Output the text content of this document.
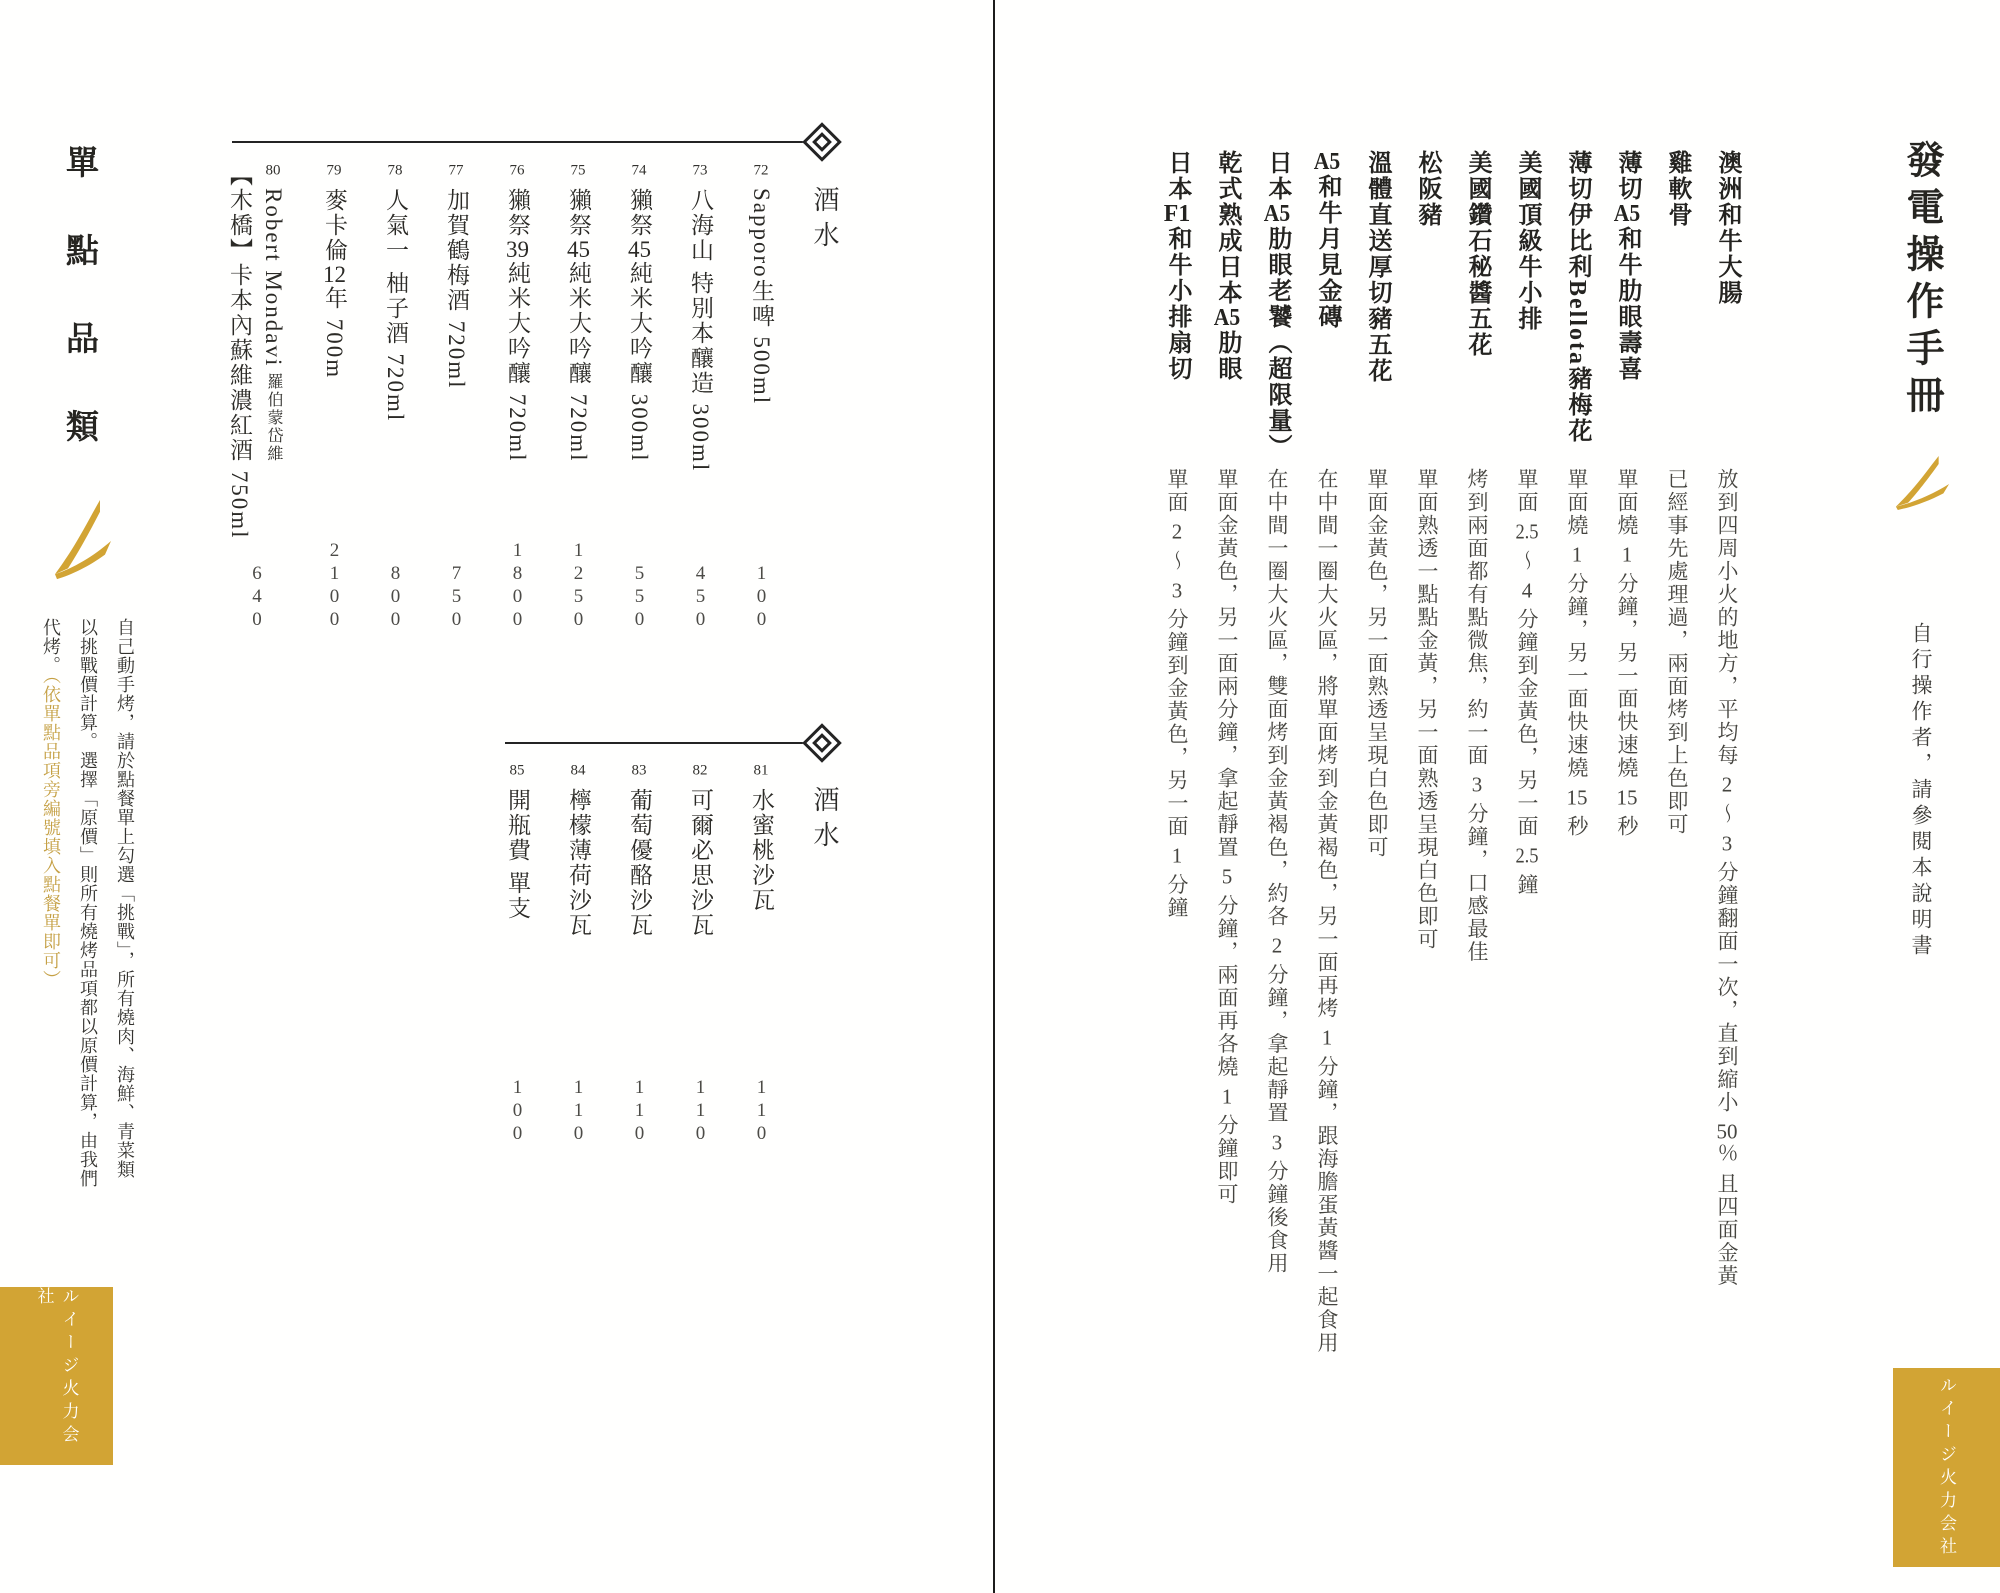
單點品類
自己動手烤，請於點餐單上勾選「挑戰」，所有燒肉、海鮮、青菜類
以挑戰價計算。選擇「原價」則所有燒烤品項都以原價計算，由我們
代烤。（依單點品項旁編號填入點餐單即可）
酒水
72Sapporo生啤 500ml
100
73八海山 特別本釀造 300ml
450
74獺祭45純米大吟釀 300ml
550
75獺祭45純米大吟釀 720ml
1250
76獺祭39純米大吟釀 720ml
1800
77加賀鶴梅酒 720ml
750
78人氣一 柚子酒 720ml
800
79麥卡倫12年 700m
2100
80Robert Mondavi羅伯蒙岱維
【木橋】卡本內蘇維濃紅酒 750ml
640
酒水
81水蜜桃沙瓦
110
82可爾必思沙瓦
110
83葡萄優酪沙瓦
110
84檸檬薄荷沙瓦
110
85開瓶費 單支
100
ルイージ火力会社
發電操作手冊
自行操作者，請參閱本說明書
澳洲和牛大腸
放到四周小火的地方，平均每 2 ～ 3 分鐘翻面一次，直到縮小 50％ 且四面金黃
雞軟骨
已經事先處理過，兩面烤到上色即可
薄切A5和牛肋眼壽喜
單面燒 1 分鐘，另一面快速燒 15 秒
薄切伊比利Bellota豬梅花
單面燒 1 分鐘，另一面快速燒 15 秒
美國頂級牛小排
單面 2.5 ～ 4 分鐘到金黃色，另一面 2.5 鐘
美國鑽石秘醬五花
烤到兩面都有點微焦，約一面 3 分鐘，口感最佳
松阪豬
單面熟透一點點金黃，另一面熟透呈現白色即可
溫體直送厚切豬五花
單面金黃色，另一面熟透呈現白色即可
A5和牛月見金磚
在中間一圈大火區，將單面烤到金黃褐色，另一面再烤 1 分鐘，跟海膽蛋黃醬一起食用
日本A5肋眼老饕（超限量）
在中間一圈大火區，雙面烤到金黃褐色，約各 2 分鐘，拿起靜置 3 分鐘後食用
乾式熟成日本A5肋眼
單面金黃色，另一面兩分鐘，拿起靜置 5 分鐘，兩面再各燒 1 分鐘即可
日本F1和牛小排扇切
單面 2 ～ 3 分鐘到金黃色，另一面 1 分鐘
ルイージ火力会社
